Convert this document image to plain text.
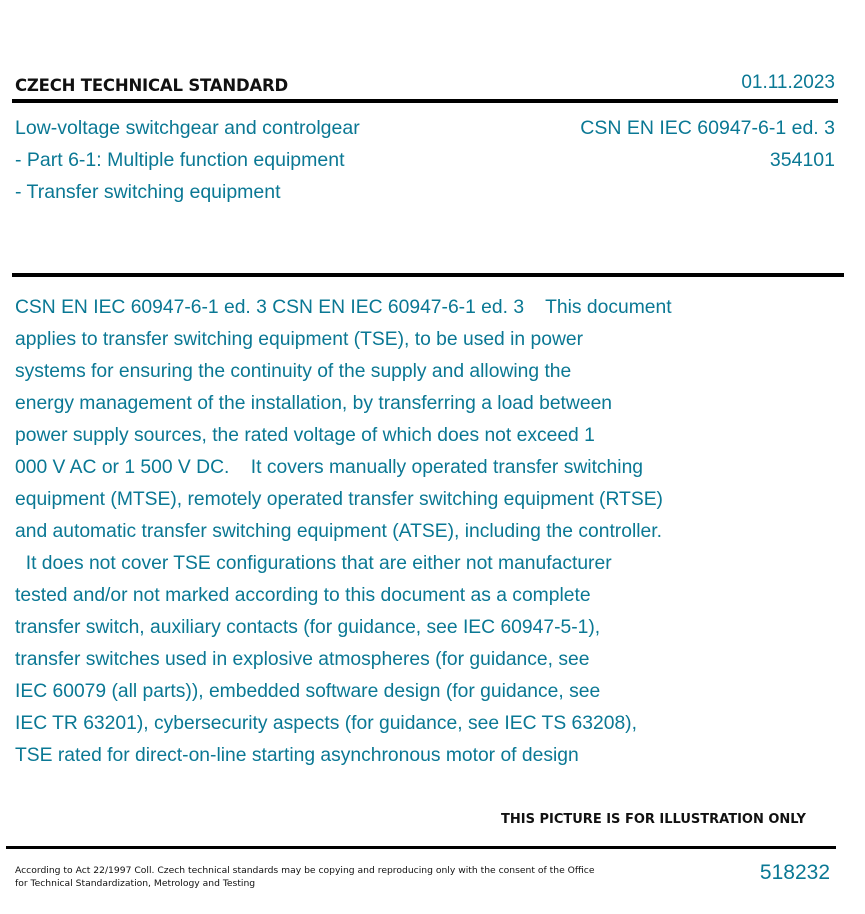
CZECH TECHNICAL STANDARD	01.11.2023
Low-voltage switchgear and controlgear
- Part 6-1: Multiple function equipment
- Transfer switching equipment
CSN EN IEC 60947-6-1 ed. 3
354101
CSN EN IEC 60947-6-1 ed. 3 CSN EN IEC 60947-6-1 ed. 3    This document
applies to transfer switching equipment (TSE), to be used in power
systems for ensuring the continuity of the supply and allowing the
energy management of the installation, by transferring a load between
power supply sources, the rated voltage of which does not exceed 1
000 V AC or 1 500 V DC.    It covers manually operated transfer switching
equipment (MTSE), remotely operated transfer switching equipment (RTSE)
and automatic transfer switching equipment (ATSE), including the controller.
It does not cover TSE configurations that are either not manufacturer
tested and/or not marked according to this document as a complete
transfer switch, auxiliary contacts (for guidance, see IEC 60947-5-1),
transfer switches used in explosive atmospheres (for guidance, see
IEC 60079 (all parts)), embedded software design (for guidance, see
IEC TR 63201), cybersecurity aspects (for guidance, see IEC TS 63208),
TSE rated for direct-on-line starting asynchronous motor of design
THIS PICTURE IS FOR ILLUSTRATION ONLY
According to Act 22/1997 Coll. Czech technical standards may be copying and reproducing only with the consent of the Office
for Technical Standardization, Metrology and Testing	518232
